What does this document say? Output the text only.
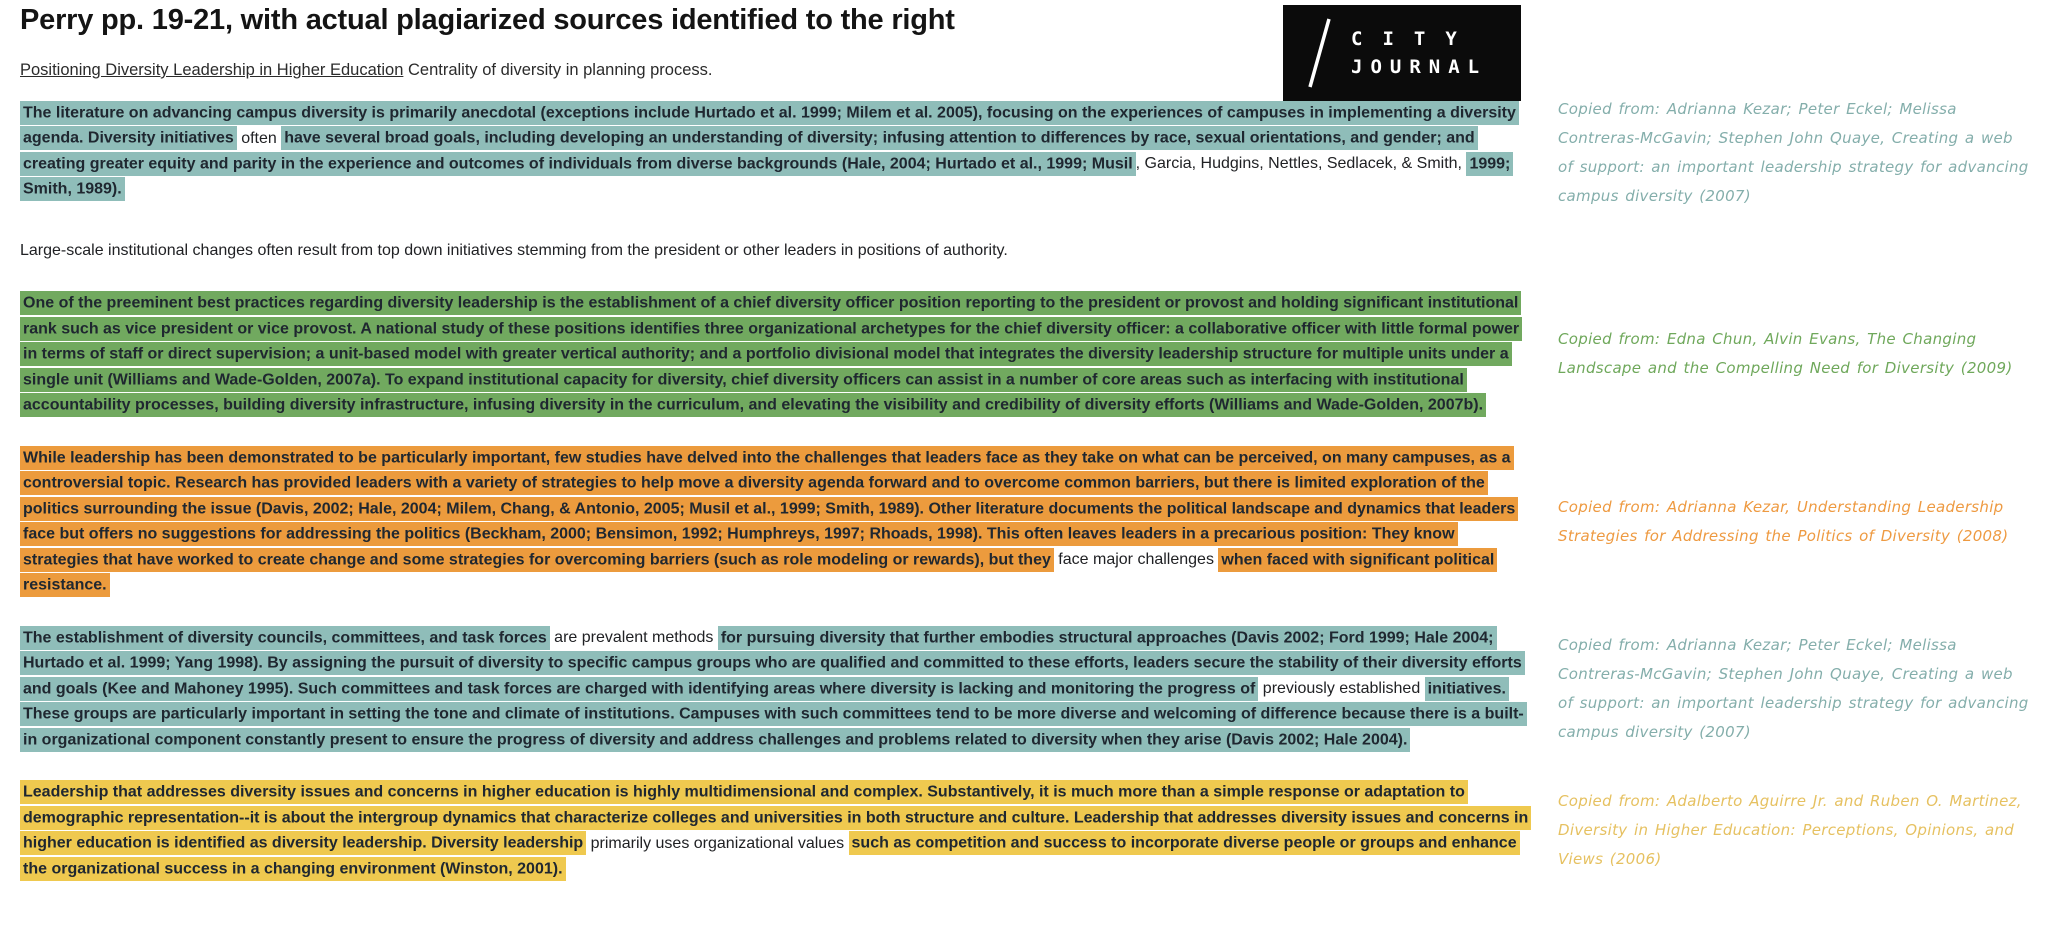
Perry pp. 19-21, with actual plagiarized sources identified to the right

Positioning Diversity Leadership in Higher Education Centrality of diversity in planning process.

CITY
JOURNAL
The literature on advancing campus diversity is primarily anecdotal (exceptions include Hurtado et al. 1999; Milem et al. 2005), focusing on the experiences of campuses in implementing a diversity agenda. Diversity initiatives often have several broad goals, including developing an understanding of diversity; infusing attention to differences by race, sexual orientations, and gender; and creating greater equity and parity in the experience and outcomes of individuals from diverse backgrounds (Hale, 2004; Hurtado et al., 1999; Musil , Garcia, Hudgins, Nettles, Sedlacek, & Smith, 1999; Smith, 1989).
Copied from: Adrianna Kezar; Peter Eckel; Melissa Contreras-McGavin; Stephen John Quaye, Creating a web of support: an important leadership strategy for advancing campus diversity (2007)
Large-scale institutional changes often result from top down initiatives stemming from the president or other leaders in positions of authority.
One of the preeminent best practices regarding diversity leadership is the establishment of a chief diversity officer position reporting to the president or provost and holding significant institutional rank such as vice president or vice provost. A national study of these positions identifies three organizational archetypes for the chief diversity officer: a collaborative officer with little formal power in terms of staff or direct supervision; a unit-based model with greater vertical authority; and a portfolio divisional model that integrates the diversity leadership structure for multiple units under a single unit (Williams and Wade-Golden, 2007a). To expand institutional capacity for diversity, chief diversity officers can assist in a number of core areas such as interfacing with institutional accountability processes, building diversity infrastructure, infusing diversity in the curriculum, and elevating the visibility and credibility of diversity efforts (Williams and Wade-Golden, 2007b).
Copied from: Edna Chun, Alvin Evans, The Changing Landscape and the Compelling Need for Diversity (2009)
While leadership has been demonstrated to be particularly important, few studies have delved into the challenges that leaders face as they take on what can be perceived, on many campuses, as a controversial topic. Research has provided leaders with a variety of strategies to help move a diversity agenda forward and to overcome common barriers, but there is limited exploration of the politics surrounding the issue (Davis, 2002; Hale, 2004; Milem, Chang, & Antonio, 2005; Musil et al., 1999; Smith, 1989). Other literature documents the political landscape and dynamics that leaders face but offers no suggestions for addressing the politics (Beckham, 2000; Bensimon, 1992; Humphreys, 1997; Rhoads, 1998). This often leaves leaders in a precarious position: They know strategies that have worked to create change and some strategies for overcoming barriers (such as role modeling or rewards), but they face major challenges when faced with significant political resistance.
Copied from: Adrianna Kezar, Understanding Leadership Strategies for Addressing the Politics of Diversity (2008)
The establishment of diversity councils, committees, and task forces are prevalent methods for pursuing diversity that further embodies structural approaches (Davis 2002; Ford 1999; Hale 2004; Hurtado et al. 1999; Yang 1998). By assigning the pursuit of diversity to specific campus groups who are qualified and committed to these efforts, leaders secure the stability of their diversity efforts and goals (Kee and Mahoney 1995). Such committees and task forces are charged with identifying areas where diversity is lacking and monitoring the progress of previously established initiatives. These groups are particularly important in setting the tone and climate of institutions. Campuses with such committees tend to be more diverse and welcoming of difference because there is a built-in organizational component constantly present to ensure the progress of diversity and address challenges and problems related to diversity when they arise (Davis 2002; Hale 2004).
Copied from: Adrianna Kezar; Peter Eckel; Melissa Contreras-McGavin; Stephen John Quaye, Creating a web of support: an important leadership strategy for advancing campus diversity (2007)
Leadership that addresses diversity issues and concerns in higher education is highly multidimensional and complex. Substantively, it is much more than a simple response or adaptation to demographic representation--it is about the intergroup dynamics that characterize colleges and universities in both structure and culture. Leadership that addresses diversity issues and concerns in higher education is identified as diversity leadership. Diversity leadership primarily uses organizational values such as competition and success to incorporate diverse people or groups and enhance the organizational success in a changing environment (Winston, 2001).
Copied from: Adalberto Aguirre Jr. and Ruben O. Martinez, Diversity in Higher Education: Perceptions, Opinions, and Views (2006)
